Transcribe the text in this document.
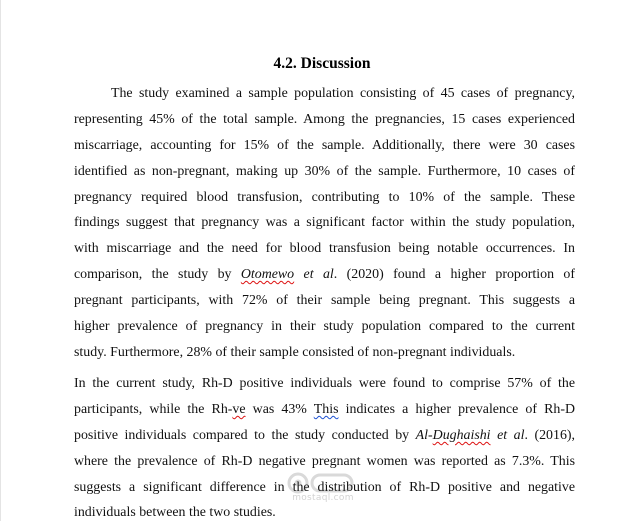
4.2. Discussion
The study examined a sample population consisting of 45 cases of pregnancy,
representing 45% of the total sample. Among the pregnancies, 15 cases experienced
miscarriage, accounting for 15% of the sample. Additionally, there were 30 cases
identified as non-pregnant, making up 30% of the sample. Furthermore, 10 cases of
pregnancy required blood transfusion, contributing to 10% of the sample. These
findings suggest that pregnancy was a significant factor within the study population,
with miscarriage and the need for blood transfusion being notable occurrences. In
comparison, the study by Otomewo et al. (2020) found a higher proportion of
pregnant participants, with 72% of their sample being pregnant. This suggests a
higher prevalence of pregnancy in their study population compared to the current
study. Furthermore, 28% of their sample consisted of non-pregnant individuals.
In the current study, Rh-D positive individuals were found to comprise 57% of the
participants, while the Rh-ve was 43% This indicates a higher prevalence of Rh-D
positive individuals compared to the study conducted by Al-Dughaishi et al. (2016),
where the prevalence of Rh-D negative pregnant women was reported as 7.3%. This
suggests a significant difference in the distribution of Rh-D positive and negative
individuals between the two studies.
mostaql.com
